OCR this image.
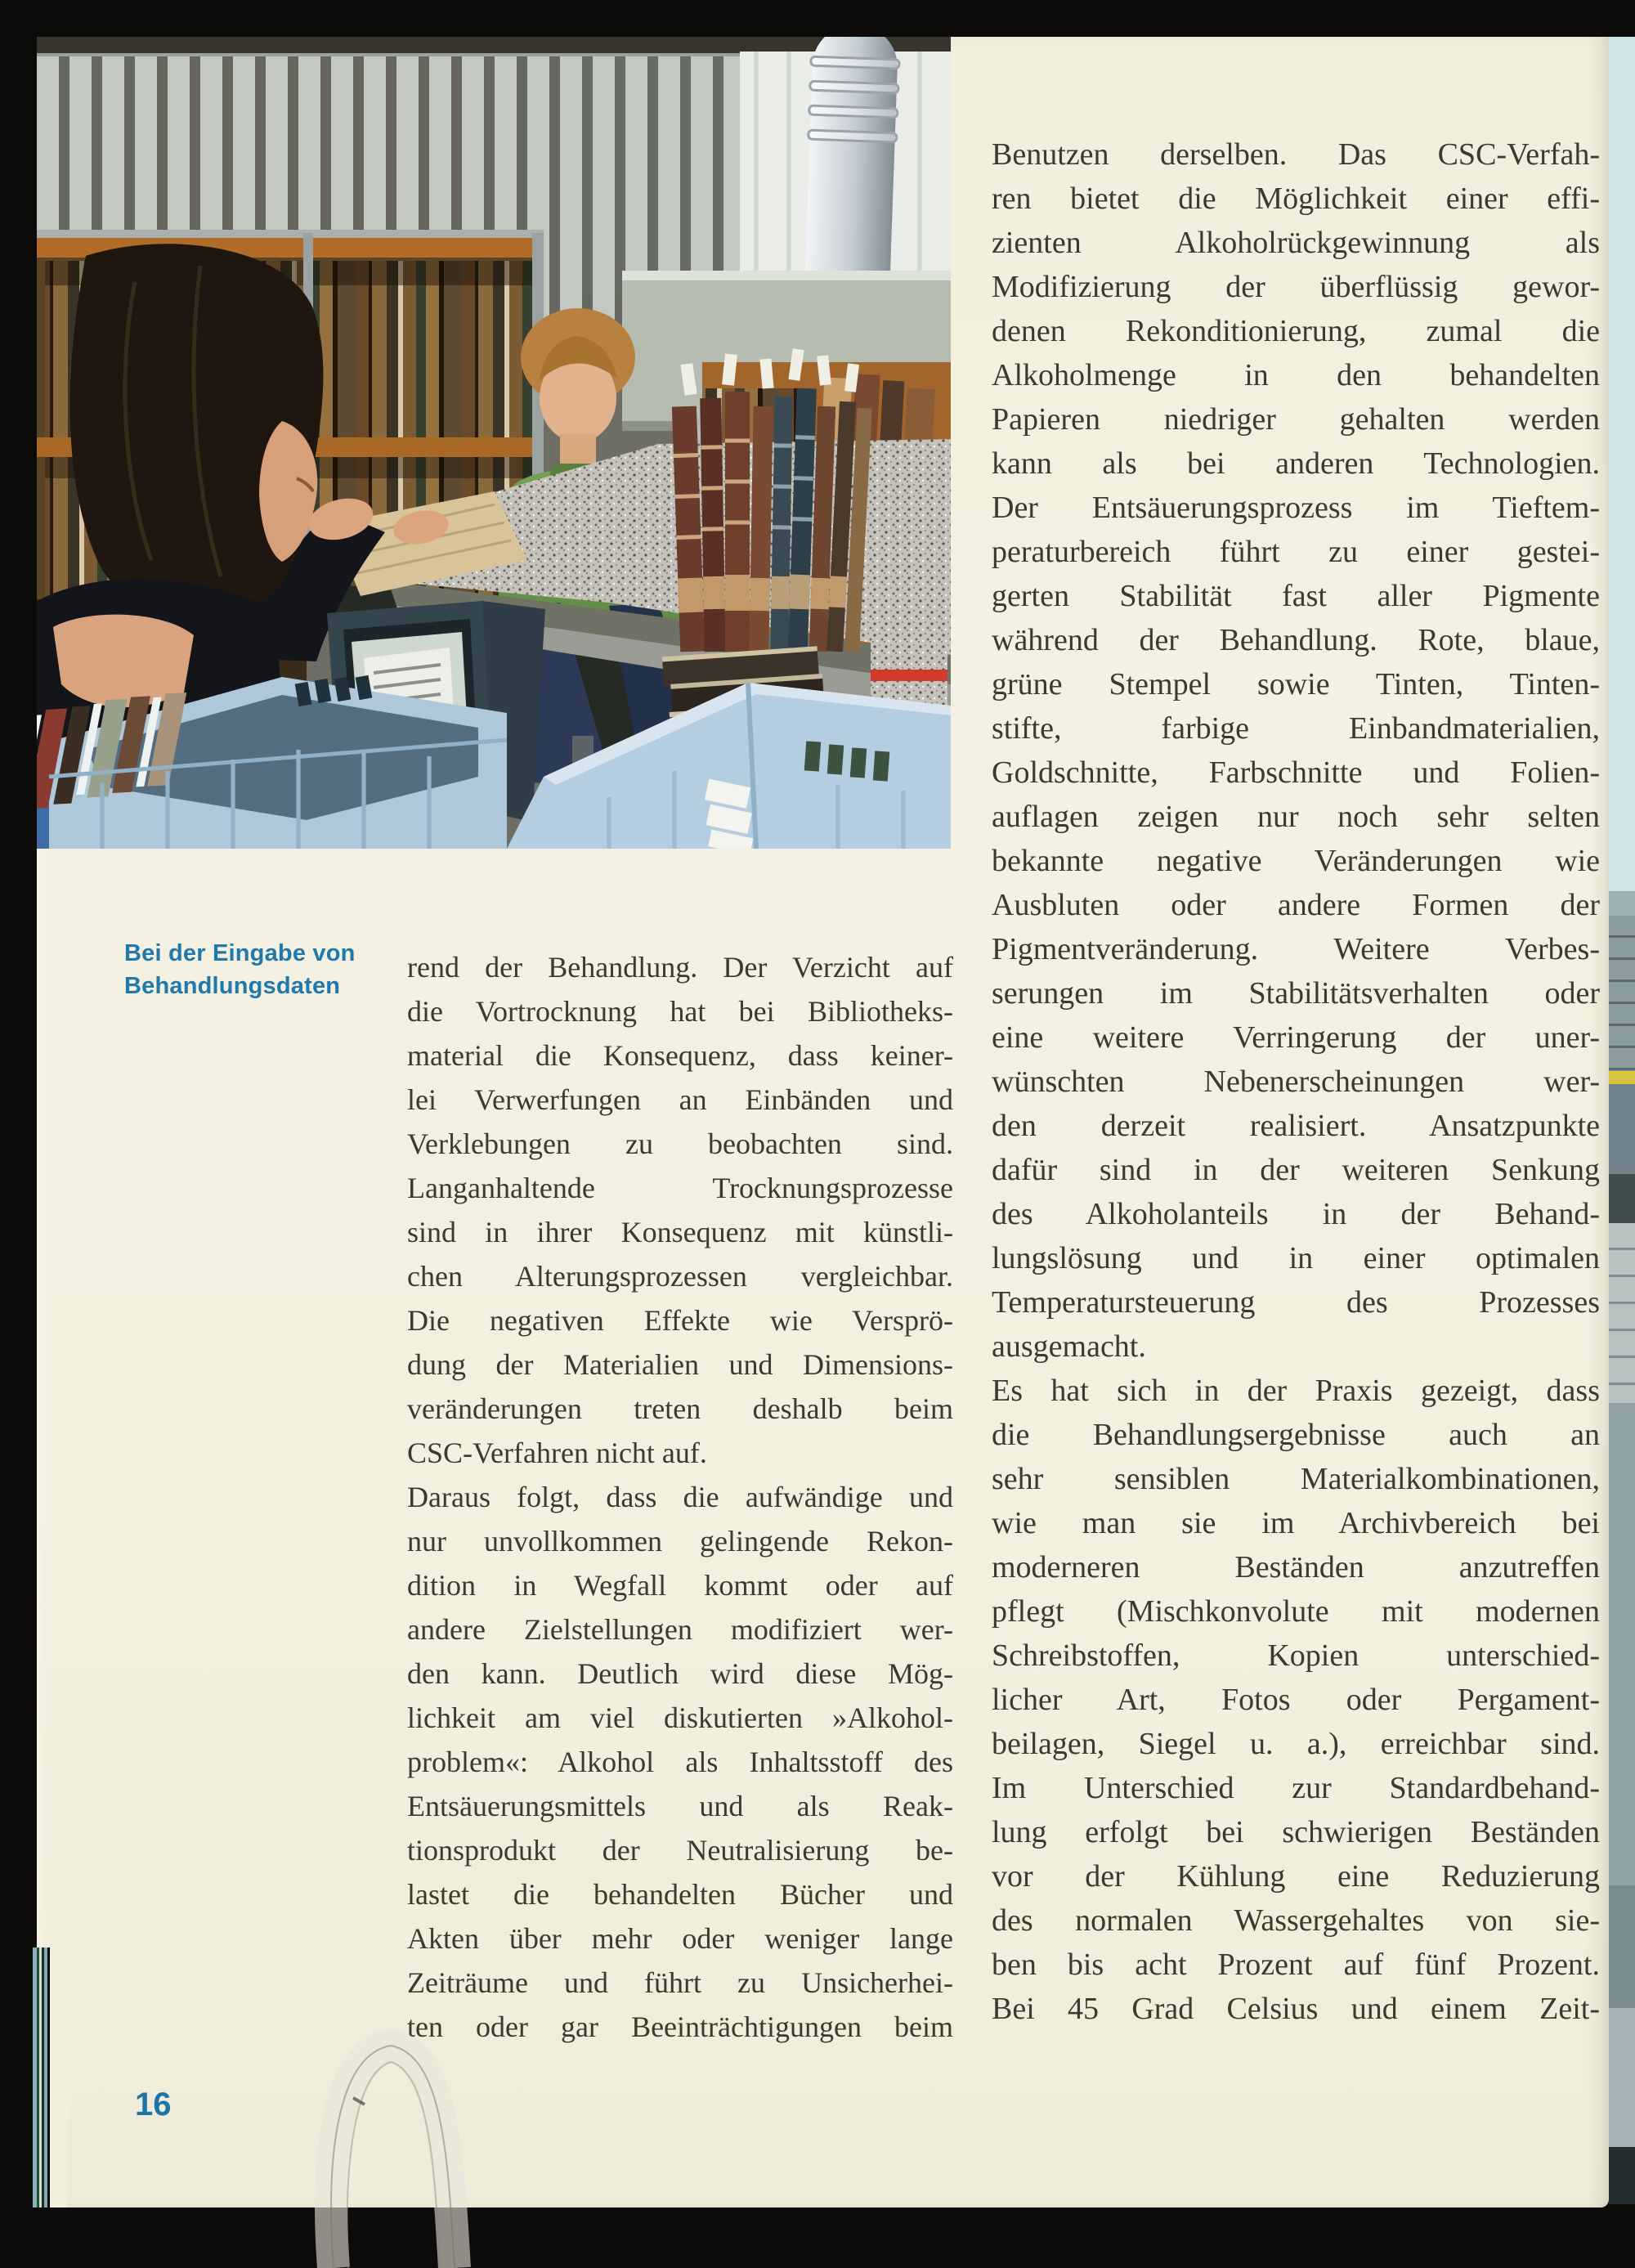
Bei der Eingabe von
Behandlungsdaten
rend der Behandlung. Der Verzicht auf
die Vortrocknung hat bei Bibliotheks-
material die Konsequenz, dass keiner-
lei Verwerfungen an Einbänden und
Verklebungen zu beobachten sind.
Langanhaltende Trocknungsprozesse
sind in ihrer Konsequenz mit künstli-
chen Alterungsprozessen vergleichbar.
Die negativen Effekte wie Versprö-
dung der Materialien und Dimensions-
veränderungen treten deshalb beim
CSC-Verfahren nicht auf.
Daraus folgt, dass die aufwändige und
nur unvollkommen gelingende Rekon-
dition in Wegfall kommt oder auf
andere Zielstellungen modifiziert wer-
den kann. Deutlich wird diese Mög-
lichkeit am viel diskutierten »Alkohol-
problem«: Alkohol als Inhaltsstoff des
Entsäuerungsmittels und als Reak-
tionsprodukt der Neutralisierung be-
lastet die behandelten Bücher und
Akten über mehr oder weniger lange
Zeiträume und führt zu Unsicherhei-
ten oder gar Beeinträchtigungen beim
Benutzen derselben. Das CSC-Verfah-
ren bietet die Möglichkeit einer effi-
zienten Alkoholrückgewinnung als
Modifizierung der überflüssig gewor-
denen Rekonditionierung, zumal die
Alkoholmenge in den behandelten
Papieren niedriger gehalten werden
kann als bei anderen Technologien.
Der Entsäuerungsprozess im Tieftem-
peraturbereich führt zu einer gestei-
gerten Stabilität fast aller Pigmente
während der Behandlung. Rote, blaue,
grüne Stempel sowie Tinten, Tinten-
stifte, farbige Einbandmaterialien,
Goldschnitte, Farbschnitte und Folien-
auflagen zeigen nur noch sehr selten
bekannte negative Veränderungen wie
Ausbluten oder andere Formen der
Pigmentveränderung. Weitere Verbes-
serungen im Stabilitätsverhalten oder
eine weitere Verringerung der uner-
wünschten Nebenerscheinungen wer-
den derzeit realisiert. Ansatzpunkte
dafür sind in der weiteren Senkung
des Alkoholanteils in der Behand-
lungslösung und in einer optimalen
Temperatursteuerung des Prozesses
ausgemacht.
Es hat sich in der Praxis gezeigt, dass
die Behandlungsergebnisse auch an
sehr sensiblen Materialkombinationen,
wie man sie im Archivbereich bei
moderneren Beständen anzutreffen
pflegt (Mischkonvolute mit modernen
Schreibstoffen, Kopien unterschied-
licher Art, Fotos oder Pergament-
beilagen, Siegel u. a.), erreichbar sind.
Im Unterschied zur Standardbehand-
lung erfolgt bei schwierigen Beständen
vor der Kühlung eine Reduzierung
des normalen Wassergehaltes von sie-
ben bis acht Prozent auf fünf Prozent.
Bei 45 Grad Celsius und einem Zeit-
16
